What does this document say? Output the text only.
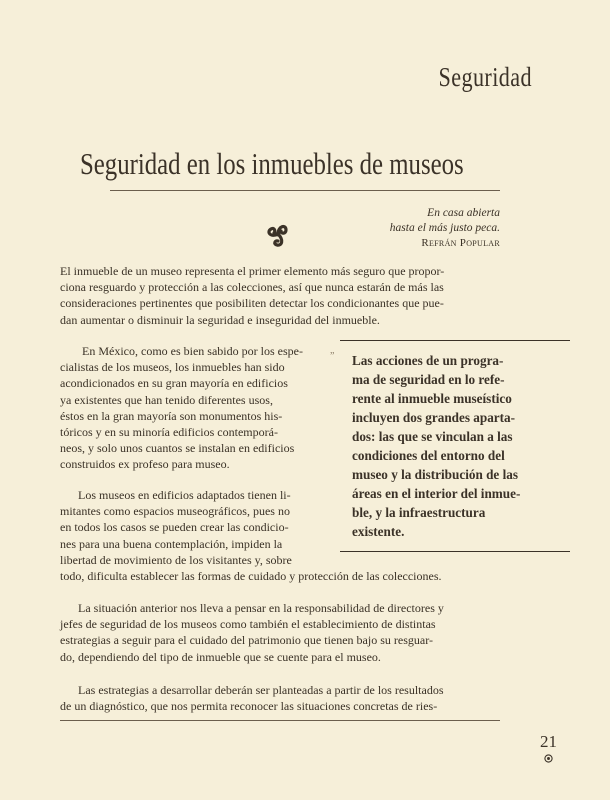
Seguridad
Seguridad en los inmuebles de museos
En casa abierta
hasta el más justo peca.
Refrán Popular

El inmueble de un museo representa el primer elemento más seguro que propor-
ciona resguardo y protección a las colecciones, así que nunca estarán de más las
consideraciones pertinentes que posibiliten detectar los condicionantes que pue-
dan aumentar o disminuir la seguridad e inseguridad del inmueble.

En México, como es bien sabido por los espe-
cialistas de los museos, los inmuebles han sido
acondicionados en su gran mayoría en edificios
ya existentes que han tenido diferentes usos,
éstos en la gran mayoría son monumentos his-
tóricos y en su minoría edificios contemporá-
neos, y solo unos cuantos se instalan en edificios
construidos ex profeso para museo.

Los museos en edificios adaptados tienen li-
mitantes como espacios museográficos, pues no
en todos los casos se pueden crear las condicio-
nes para una buena contemplación, impiden la
libertad de movimiento de los visitantes y, sobre

„
Las acciones de un progra-
ma de seguridad en lo refe-
rente al inmueble museístico
incluyen dos grandes aparta-
dos: las que se vinculan a las
condiciones del entorno del
museo y la distribución de las
áreas en el interior del inmue-
ble, y la infraestructura
existente.

todo, dificulta establecer las formas de cuidado y protección de las colecciones.

La situación anterior nos lleva a pensar en la responsabilidad de directores y
jefes de seguridad de los museos como también el establecimiento de distintas
estrategias a seguir para el cuidado del patrimonio que tienen bajo su resguar-
do, dependiendo del tipo de inmueble que se cuente para el museo.

Las estrategias a desarrollar deberán ser planteadas a partir de los resultados
de un diagnóstico, que nos permita reconocer las situaciones concretas de ries-

21
